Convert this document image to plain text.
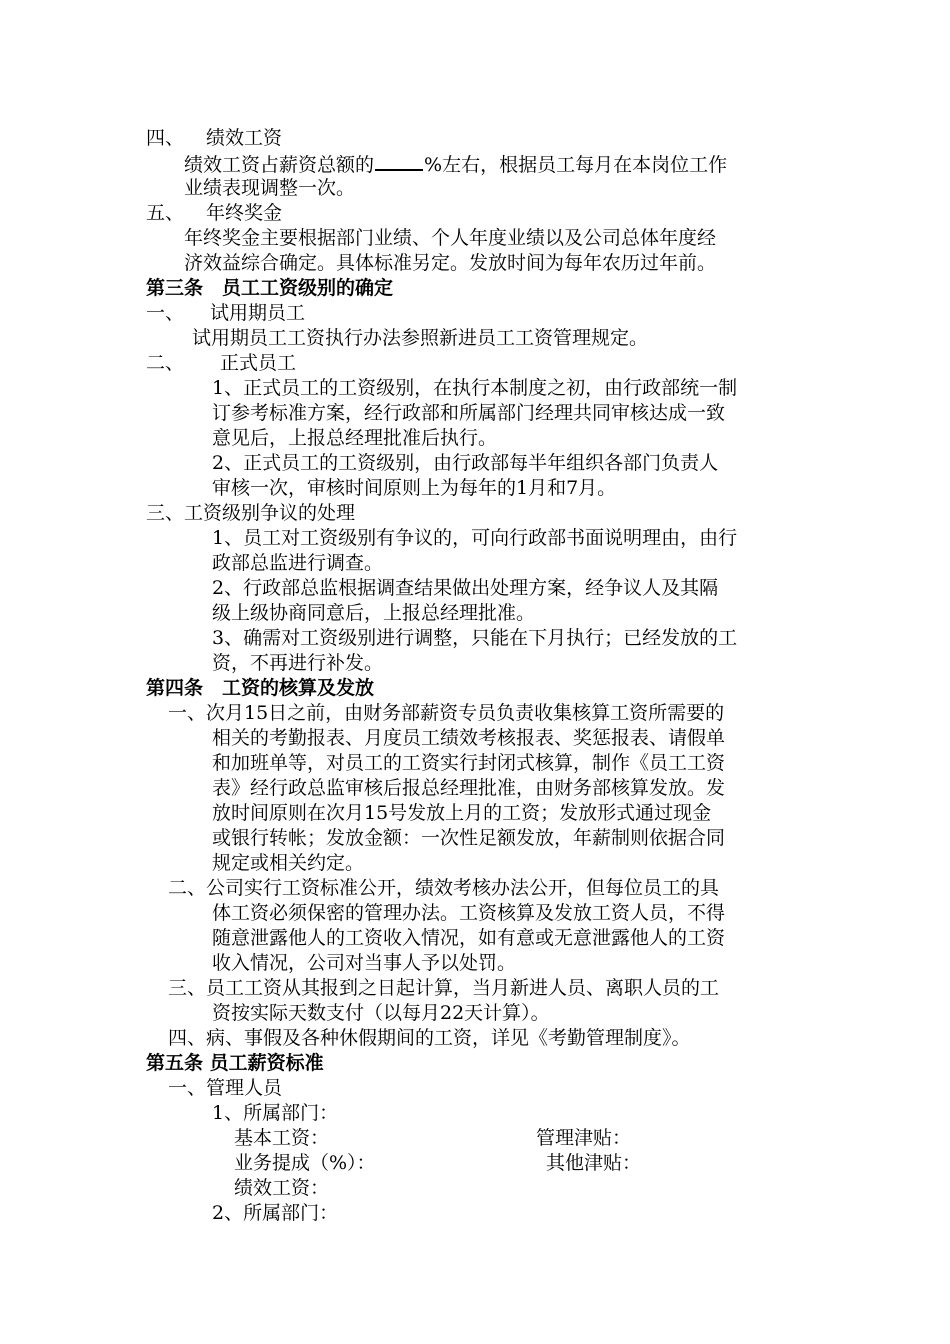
四、 绩效工资
绩效工资占薪资总额的	%左右，根据员工每月在本岗位工作
业绩表现调整一次。
五、 年终奖金
年终奖金主要根据部门业绩、个人年度业绩以及公司总体年度经
济效益综合确定。具体标准另定。发放时间为每年农历过年前。
第三条　员工工资级别的确定
一、 试用期员工
试用期员工工资执行办法参照新进员工工资管理规定。
二、 正式员工
1、正式员工的工资级别，在执行本制度之初，由行政部统一制
订参考标准方案，经行政部和所属部门经理共同审核达成一致
意见后，上报总经理批准后执行。
2、正式员工的工资级别，由行政部每半年组织各部门负责人
审核一次，审核时间原则上为每年的1月和7月。
三、工资级别争议的处理
1、员工对工资级别有争议的，可向行政部书面说明理由，由行
政部总监进行调查。
2、行政部总监根据调查结果做出处理方案，经争议人及其隔
级上级协商同意后，上报总经理批准。
3、确需对工资级别进行调整，只能在下月执行；已经发放的工
资，不再进行补发。
第四条　工资的核算及发放
一、次月15日之前，由财务部薪资专员负责收集核算工资所需要的
相关的考勤报表、月度员工绩效考核报表、奖惩报表、请假单
和加班单等，对员工的工资实行封闭式核算，制作《员工工资
表》经行政总监审核后报总经理批准，由财务部核算发放。发
放时间原则在次月15号发放上月的工资；发放形式通过现金
或银行转帐；发放金额：一次性足额发放，年薪制则依据合同
规定或相关约定。
二、公司实行工资标准公开，绩效考核办法公开，但每位员工的具
体工资必须保密的管理办法。工资核算及发放工资人员，不得
随意泄露他人的工资收入情况，如有意或无意泄露他人的工资
收入情况，公司对当事人予以处罚。
三、员工工资从其报到之日起计算，当月新进人员、离职人员的工
资按实际天数支付（以每月22天计算）。
四、病、事假及各种休假期间的工资，详见《考勤管理制度》。
第五条 员工薪资标准
一、管理人员
1、所属部门：
基本工资：	管理津贴：
业务提成（%）：	其他津贴：
绩效工资：
2、所属部门：
